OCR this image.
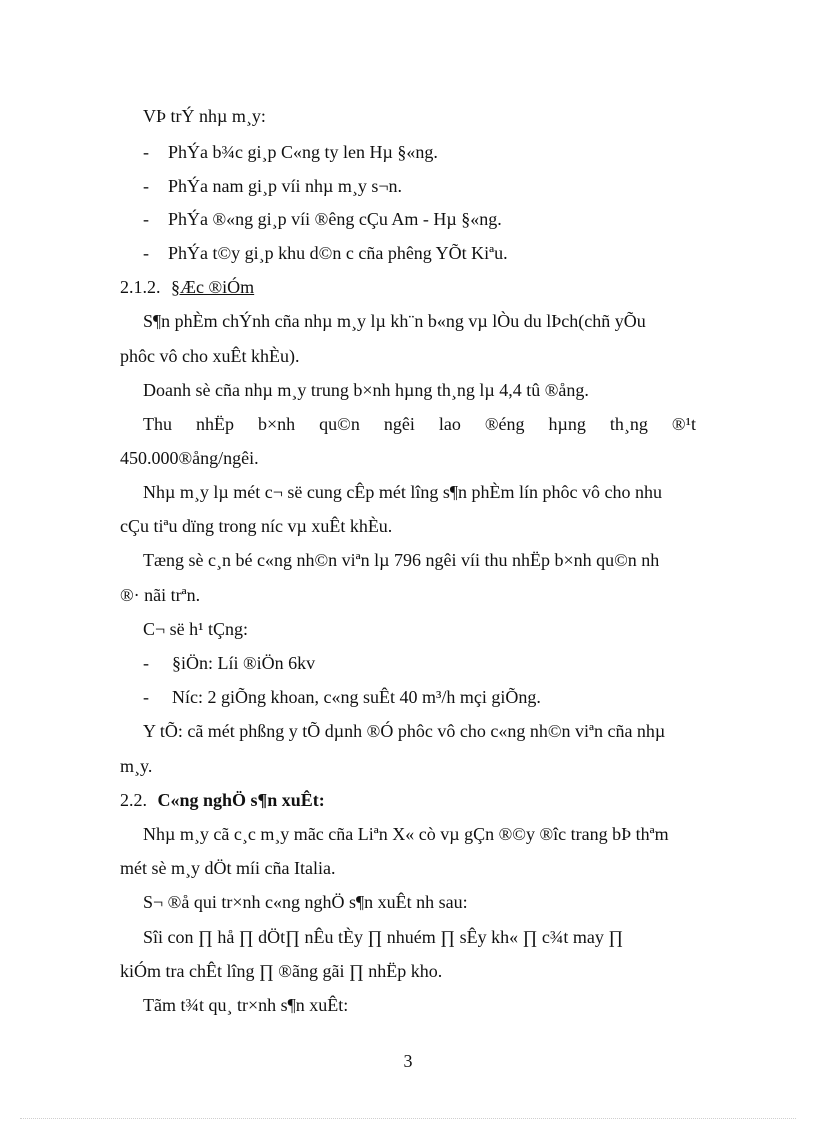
VÞ trÝ nhµ m¸y:
- PhÝa b¾c gi¸p C«ng ty len Hµ §«ng.
- PhÝa nam gi¸p víi nhµ m¸y s¬n.
- PhÝa ®«ng gi¸p víi ®êng cÇu Am - Hµ §«ng.
- PhÝa t©y gi¸p khu d©n c cña phêng YÕt Kiªu.
2.1.2. §Æc ®iÓm
S¶n phÈm chÝnh cña nhµ m¸y lµ kh¨n b«ng vµ lÒu du lÞch(chñ yÕu
phôc vô cho xuÊt khÈu).
Doanh sè cña nhµ m¸y trung b×nh hµng th¸ng lµ 4,4 tû ®ång.
Thu nhËp b×nh qu©n ngêi lao ®éng hµng th¸ng ®¹t
450.000®ång/ngêi.
Nhµ m¸y lµ mét c¬ së cung cÊp mét lîng s¶n phÈm lín phôc vô cho nhu
cÇu tiªu dïng trong níc vµ xuÊt khÈu.
Tæng sè c¸n bé c«ng nh©n viªn lµ 796 ngêi víi thu nhËp b×nh qu©n nh
®· nãi trªn.
C¬ së h¹ tÇng:
- §iÖn: Líi ®iÖn 6kv
- Níc: 2 giÕng khoan, c«ng suÊt 40 m³/h mçi giÕng.
Y tÕ: cã mét phßng y tÕ dµnh ®Ó phôc vô cho c«ng nh©n viªn cña nhµ
m¸y.
2.2. C«ng nghÖ s¶n xuÊt:
Nhµ m¸y cã c¸c m¸y mãc cña Liªn X« cò vµ gÇn ®©y ®îc trang bÞ thªm
mét sè m¸y dÖt míi cña Italia.
S¬ ®å qui tr×nh c«ng nghÖ s¶n xuÊt nh sau:
Sîi con ∏ hå ∏ dÖt∏ nÊu tÈy ∏ nhuém ∏ sÊy kh« ∏ c¾t may ∏
kiÓm tra chÊt lîng ∏ ®ãng gãi ∏ nhËp kho.
Tãm t¾t qu¸ tr×nh s¶n xuÊt:
3
